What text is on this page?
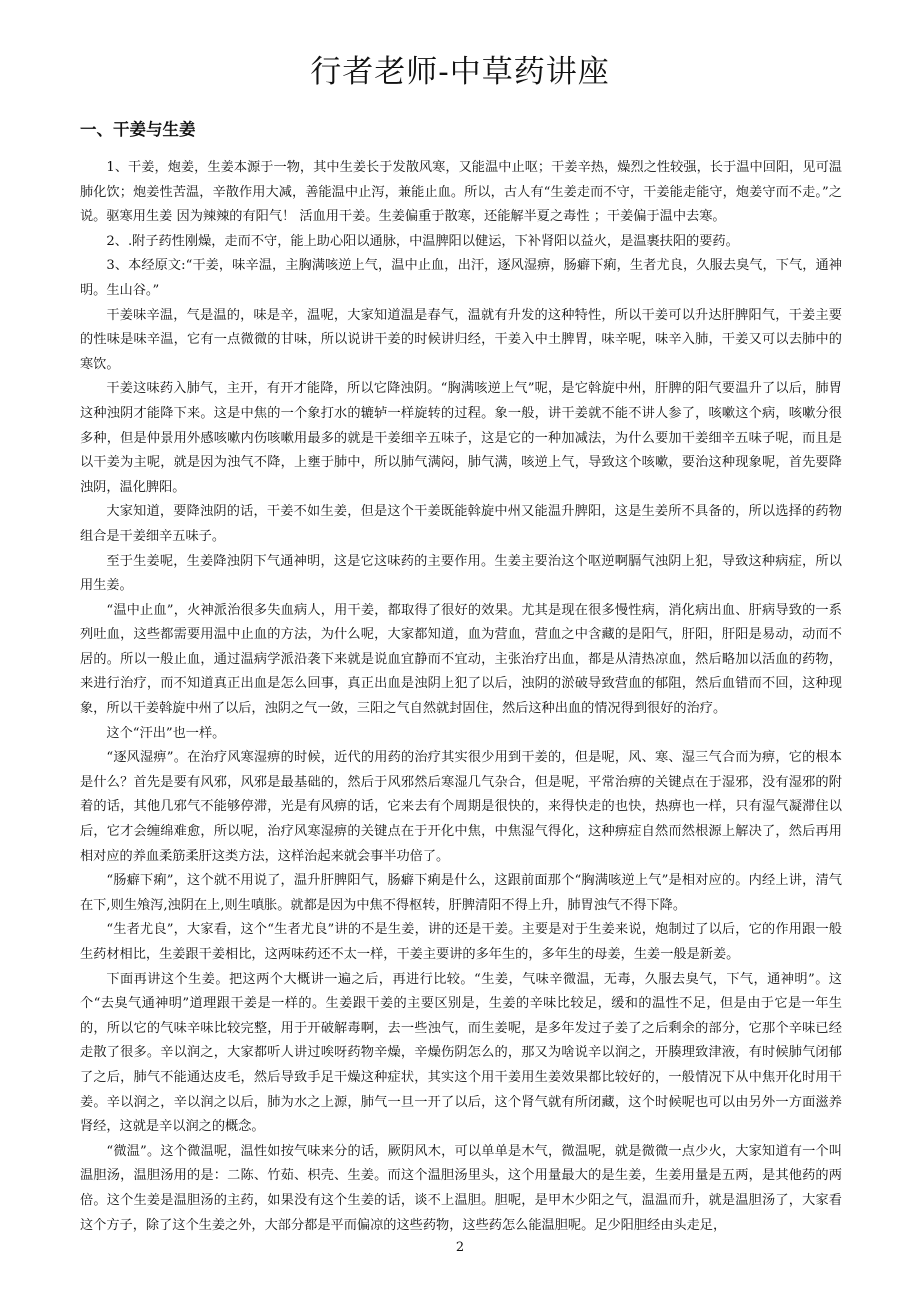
行者老师-中草药讲座
一、干姜与生姜

1、干姜，炮姜，生姜本源于一物，其中生姜长于发散风寒，又能温中止呕；干姜辛热，燥烈之性较强，长于温中回阳，见可温肺化饮；炮姜性苦温，辛散作用大减，善能温中止泻，兼能止血。所以，古人有“生姜走而不守，干姜能走能守，炮姜守而不走。”之说。驱寒用生姜 因为辣辣的有阳气！ 活血用干姜。生姜偏重于散寒，还能解半夏之毒性 ；干姜偏于温中去寒。

2、.附子药性刚燥，走而不守，能上助心阳以通脉，中温脾阳以健运，下补肾阳以益火，是温裹扶阳的要药。

3、本经原文:“干姜，味辛温，主胸满咳逆上气，温中止血，出汗，逐风湿痹，肠癖下痢，生者尤良，久服去臭气，下气，通神明。生山谷。”

干姜味辛温，气是温的，味是辛，温呢，大家知道温是春气，温就有升发的这种特性，所以干姜可以升达肝脾阳气，干姜主要的性味是味辛温，它有一点微微的甘味，所以说讲干姜的时候讲归经，干姜入中土脾胃，味辛呢，味辛入肺，干姜又可以去肺中的寒饮。

干姜这味药入肺气，主开，有开才能降，所以它降浊阴。“胸满咳逆上气”呢，是它斡旋中州，肝脾的阳气要温升了以后，肺胃这种浊阴才能降下来。这是中焦的一个象打水的辘轳一样旋转的过程。象一般，讲干姜就不能不讲人参了，咳嗽这个病，咳嗽分很多种，但是仲景用外感咳嗽内伤咳嗽用最多的就是干姜细辛五味子，这是它的一种加减法，为什么要加干姜细辛五味子呢，而且是以干姜为主呢，就是因为浊气不降，上壅于肺中，所以肺气满闷，肺气满，咳逆上气，导致这个咳嗽，要治这种现象呢，首先要降浊阴，温化脾阳。

大家知道，要降浊阴的话，干姜不如生姜，但是这个干姜既能斡旋中州又能温升脾阳，这是生姜所不具备的，所以选择的药物组合是干姜细辛五味子。

至于生姜呢，生姜降浊阴下气通神明，这是它这味药的主要作用。生姜主要治这个呕逆啊膈气浊阴上犯，导致这种病症，所以用生姜。

“温中止血”，火神派治很多失血病人，用干姜，都取得了很好的效果。尤其是现在很多慢性病，消化病出血、肝病导致的一系列吐血，这些都需要用温中止血的方法，为什么呢，大家都知道，血为营血，营血之中含藏的是阳气，肝阳，肝阳是易动，动而不居的。所以一般止血，通过温病学派沿袭下来就是说血宜静而不宜动，主张治疗出血，都是从清热凉血，然后略加以活血的药物，来进行治疗，而不知道真正出血是怎么回事，真正出血是浊阴上犯了以后，浊阴的淤破导致营血的郁阻，然后血错而不回，这种现象，所以干姜斡旋中州了以后，浊阴之气一敛，三阳之气自然就封固住，然后这种出血的情况得到很好的治疗。

这个“汗出”也一样。

“逐风湿痹”。在治疗风寒湿痹的时候，近代的用药的治疗其实很少用到干姜的，但是呢，风、寒、湿三气合而为痹，它的根本是什么？首先是要有风邪，风邪是最基础的，然后于风邪然后寒湿几气杂合，但是呢，平常治痹的关键点在于湿邪，没有湿邪的附着的话，其他几邪气不能够停滞，光是有风痹的话，它来去有个周期是很快的，来得快走的也快，热痹也一样，只有湿气凝滞住以后，它才会缠绵难愈，所以呢，治疗风寒湿痹的关键点在于开化中焦，中焦湿气得化，这种痹症自然而然根源上解决了，然后再用相对应的养血柔筋柔肝这类方法，这样治起来就会事半功倍了。

“肠癖下痢”，这个就不用说了，温升肝脾阳气，肠癖下痢是什么，这跟前面那个“胸满咳逆上气”是相对应的。内经上讲，清气在下,则生飧泻,浊阴在上,则生嗔胀。就都是因为中焦不得枢转，肝脾清阳不得上升，肺胃浊气不得下降。

“生者尤良”，大家看，这个“生者尤良”讲的不是生姜，讲的还是干姜。主要是对于生姜来说，炮制过了以后，它的作用跟一般生药材相比，生姜跟干姜相比，这两味药还不太一样，干姜主要讲的多年生的，多年生的母姜，生姜一般是新姜。

下面再讲这个生姜。把这两个大概讲一遍之后，再进行比较。“生姜，气味辛微温，无毒，久服去臭气，下气，通神明”。这个“去臭气通神明”道理跟干姜是一样的。生姜跟干姜的主要区别是，生姜的辛味比较足，缓和的温性不足，但是由于它是一年生的，所以它的气味辛味比较完整，用于开破解毒啊，去一些浊气，而生姜呢，是多年发过子姜了之后剩余的部分，它那个辛味已经走散了很多。辛以润之，大家都听人讲过唉呀药物辛燥，辛燥伤阴怎么的，那又为啥说辛以润之，开腠理致津液，有时候肺气闭郁了之后，肺气不能通达皮毛，然后导致手足干燥这种症状，其实这个用干姜用生姜效果都比较好的，一般情况下从中焦开化时用干姜。辛以润之，辛以润之以后，肺为水之上源，肺气一旦一开了以后，这个肾气就有所闭藏，这个时候呢也可以由另外一方面滋养肾经，这就是辛以润之的概念。

“微温”。这个微温呢，温性如按气味来分的话，厥阴风木，可以单单是木气，微温呢，就是微微一点少火，大家知道有一个叫温胆汤，温胆汤用的是：二陈、竹茹、枳壳、生姜。而这个温胆汤里头，这个用量最大的是生姜，生姜用量是五两，是其他药的两倍。这个生姜是温胆汤的主药，如果没有这个生姜的话，谈不上温胆。胆呢，是甲木少阳之气，温温而升，就是温胆汤了，大家看这个方子，除了这个生姜之外，大部分都是平而偏凉的这些药物，这些药怎么能温胆呢。足少阳胆经由头走足，

2
